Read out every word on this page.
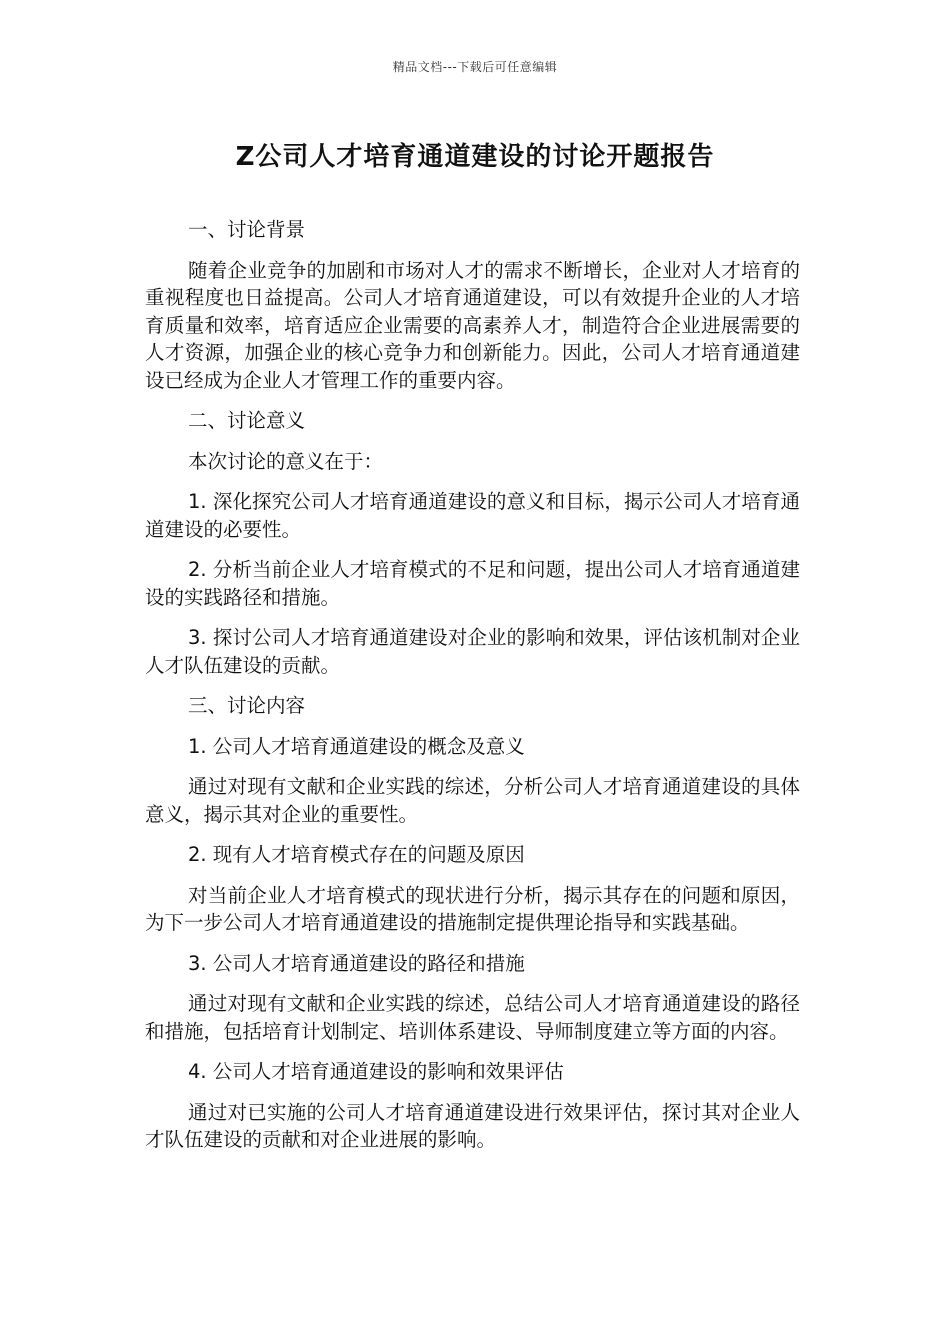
精品文档---下载后可任意编辑
Z公司人才培育通道建设的讨论开题报告

一、讨论背景

随着企业竞争的加剧和市场对人才的需求不断增长，企业对人才培育的重视程度也日益提高。公司人才培育通道建设，可以有效提升企业的人才培育质量和效率，培育适应企业需要的高素养人才，制造符合企业进展需要的人才资源，加强企业的核心竞争力和创新能力。因此，公司人才培育通道建设已经成为企业人才管理工作的重要内容。

二、讨论意义

本次讨论的意义在于：

1. 深化探究公司人才培育通道建设的意义和目标，揭示公司人才培育通道建设的必要性。

2. 分析当前企业人才培育模式的不足和问题，提出公司人才培育通道建设的实践路径和措施。

3. 探讨公司人才培育通道建设对企业的影响和效果，评估该机制对企业人才队伍建设的贡献。

三、讨论内容

1. 公司人才培育通道建设的概念及意义

通过对现有文献和企业实践的综述，分析公司人才培育通道建设的具体意义，揭示其对企业的重要性。

2. 现有人才培育模式存在的问题及原因

对当前企业人才培育模式的现状进行分析，揭示其存在的问题和原因，为下一步公司人才培育通道建设的措施制定提供理论指导和实践基础。

3. 公司人才培育通道建设的路径和措施

通过对现有文献和企业实践的综述，总结公司人才培育通道建设的路径和措施，包括培育计划制定、培训体系建设、导师制度建立等方面的内容。

4. 公司人才培育通道建设的影响和效果评估

通过对已实施的公司人才培育通道建设进行效果评估，探讨其对企业人才队伍建设的贡献和对企业进展的影响。
